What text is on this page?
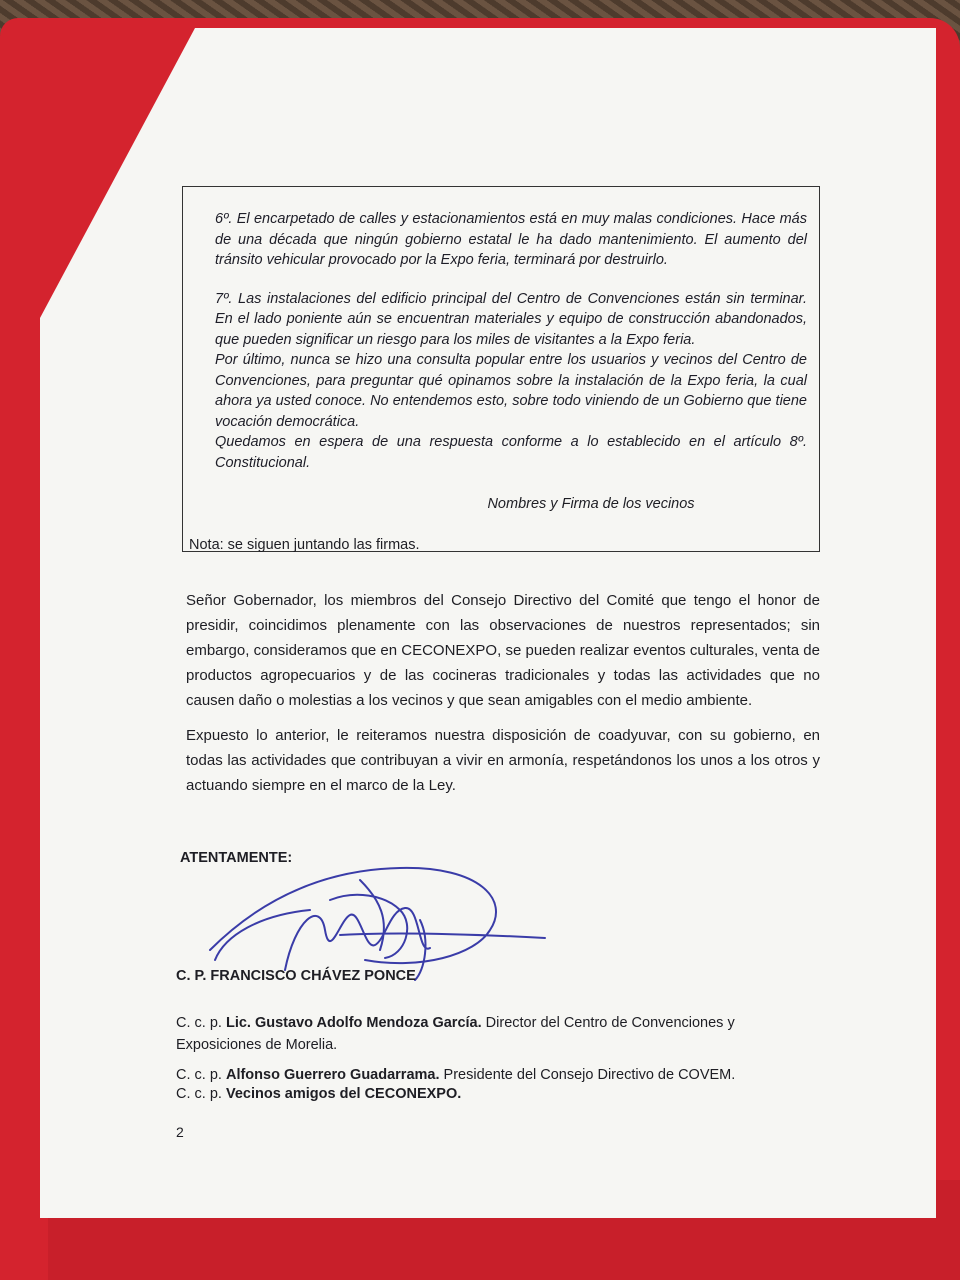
6º. El encarpetado de calles y estacionamientos está en muy malas condiciones. Hace más de una década que ningún gobierno estatal le ha dado mantenimiento. El aumento del tránsito vehicular provocado por la Expo feria, terminará por destruirlo.

7º. Las instalaciones del edificio principal del Centro de Convenciones están sin terminar. En el lado poniente aún se encuentran materiales y equipo de construcción abandonados, que pueden significar un riesgo para los miles de visitantes a la Expo feria.

Por último, nunca se hizo una consulta popular entre los usuarios y vecinos del Centro de Convenciones, para preguntar qué opinamos sobre la instalación de la Expo feria, la cual ahora ya usted conoce. No entendemos esto, sobre todo viniendo de un Gobierno que tiene vocación democrática.

Quedamos en espera de una respuesta conforme a lo establecido en el artículo 8º. Constitucional.

Nombres y Firma de los vecinos
Nota: se siguen juntando las firmas.

Señor Gobernador, los miembros del Consejo Directivo del Comité que tengo el honor de presidir, coincidimos plenamente con las observaciones de nuestros representados; sin embargo, consideramos que en CECONEXPO, se pueden realizar eventos culturales, venta de productos agropecuarios y de las cocineras tradicionales y todas las actividades que no causen daño o molestias a los vecinos y que sean amigables con el medio ambiente.

Expuesto lo anterior, le reiteramos nuestra disposición de coadyuvar, con su gobierno, en todas las actividades que contribuyan a vivir en armonía, respetándonos los unos a los otros y actuando siempre en el marco de la Ley.

ATENTAMENTE:
C. P. FRANCISCO CHÁVEZ PONCE
C. c. p. Lic. Gustavo Adolfo Mendoza García. Director del Centro de Convenciones y Exposiciones de Morelia.
C. c. p. Alfonso Guerrero Guadarrama. Presidente del Consejo Directivo de COVEM.
C. c. p. Vecinos amigos del CECONEXPO.
2
